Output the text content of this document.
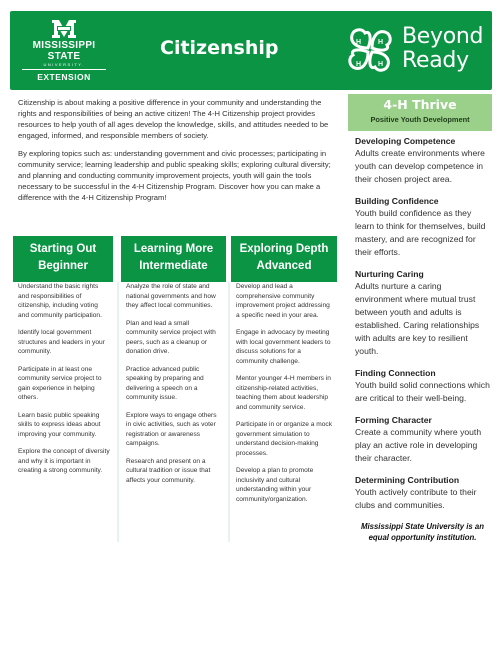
MISSISSIPPI STATE
UNIVERSITY.
EXTENSION
Citizenship	H H
H
H
Beyond
Ready

Citizenship is about making a positive difference in your community and understanding the rights and responsibilities of being an active citizen! The 4-H Citizenship project provides resources to help youth of all ages develop the knowledge, skills, and attitudes needed to be engaged, informed, and responsible members of society.

By exploring topics such as: understanding government and civic processes; participating in community service; learning leadership and public speaking skills; exploring cultural diversity; and planning and conducting community improvement projects, youth will gain the tools necessary to be successful in the 4-H Citizenship Program. Discover how you can make a difference with the 4-H Citizenship Program!

Starting Out
Beginner
Learning More
Intermediate
Exploring Depth
Advanced

Understand the basic rights and responsibilities of citizenship, including voting and community participation.

Identify local government structures and leaders in your community.

Participate in at least one community service project to gain experience in helping others.

Learn basic public speaking skills to express ideas about improving your community.

Explore the concept of diversity and why it is important in creating a strong community.

Analyze the role of state and national governments and how they affect local communities.

Plan and lead a small community service project with peers, such as a cleanup or donation drive.

Practice advanced public speaking by preparing and delivering a speech on a community issue.

Explore ways to engage others in civic activities, such as voter registration or awareness campaigns.

Research and present on a cultural tradition or issue that affects your community.

Develop and lead a comprehensive community improvement project addressing a specific need in your area.

Engage in advocacy by meeting with local government leaders to discuss solutions for a community challenge.

Mentor younger 4-H members in citizenship-related activities, teaching them about leadership and community service.

Participate in or organize a mock government simulation to understand decision-making processes.

Develop a plan to promote inclusivity and cultural understanding within your community/organization.

4-H Thrive
Positive Youth Development
Developing Competence
Adults create environments where youth can develop competence in their chosen project area.
Building Confidence
Youth build confidence as they learn to think for themselves, build mastery, and are recognized for their efforts.
Nurturing Caring
Adults nurture a caring environment where mutual trust between youth and adults is established. Caring relationships with adults are key to resilient youth.
Finding Connection
Youth build solid connections which are critical to their well-being.
Forming Character
Create a community where youth play an active role in developing their character.
Determining Contribution
Youth actively contribute to their clubs and communities.
Mississippi State University is an equal opportunity institution.
